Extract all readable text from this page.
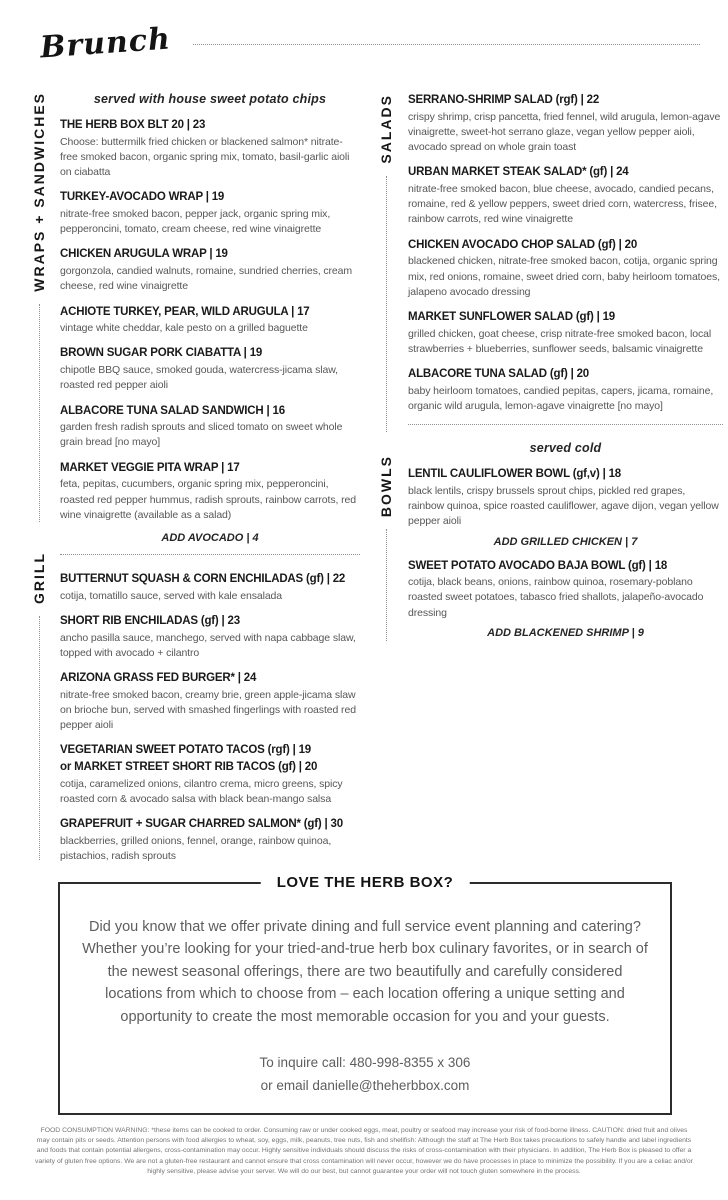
Brunch
WRAPS + SANDWICHES
GRILL
SALADS
BOWLS
served with house sweet potato chips
THE HERB BOX BLT 20 | 23
Choose: buttermilk fried chicken or blackened salmon* nitrate-free smoked bacon, organic spring mix, tomato, basil-garlic aioli on ciabatta
TURKEY-AVOCADO WRAP | 19
nitrate-free smoked bacon, pepper jack, organic spring mix, pepperoncini, tomato, cream cheese, red wine vinaigrette
CHICKEN ARUGULA WRAP | 19
gorgonzola, candied walnuts, romaine, sundried cherries, cream cheese, red wine vinaigrette
ACHIOTE TURKEY, PEAR, WILD ARUGULA | 17
vintage white cheddar, kale pesto on a grilled baguette
BROWN SUGAR PORK CIABATTA | 19
chipotle BBQ sauce, smoked gouda, watercress-jicama slaw, roasted red pepper aioli
ALBACORE TUNA SALAD SANDWICH | 16
garden fresh radish sprouts and sliced tomato on sweet whole grain bread [no mayo]
MARKET VEGGIE PITA WRAP | 17
feta, pepitas, cucumbers, organic spring mix, pepperoncini, roasted red pepper hummus, radish sprouts, rainbow carrots, red wine vinaigrette (available as a salad)
ADD AVOCADO | 4
BUTTERNUT SQUASH & CORN ENCHILADAS (gf) | 22
cotija, tomatillo sauce, served with kale ensalada
SHORT RIB ENCHILADAS (gf) | 23
ancho pasilla sauce, manchego, served with napa cabbage slaw, topped with avocado + cilantro
ARIZONA GRASS FED BURGER* | 24
nitrate-free smoked bacon, creamy brie, green apple-jicama slaw on brioche bun, served with smashed fingerlings with roasted red pepper aioli
VEGETARIAN SWEET POTATO TACOS (rgf) | 19
or MARKET STREET SHORT RIB TACOS (gf) | 20
cotija, caramelized onions, cilantro crema, micro greens, spicy roasted corn & avocado salsa with black bean-mango salsa
GRAPEFRUIT + SUGAR CHARRED SALMON* (gf) | 30
blackberries, grilled onions, fennel, orange, rainbow quinoa, pistachios, radish sprouts
SERRANO-SHRIMP SALAD (rgf) | 22
crispy shrimp, crisp pancetta, fried fennel, wild arugula, lemon-agave vinaigrette, sweet-hot serrano glaze, vegan yellow pepper aioli, avocado spread on whole grain toast
URBAN MARKET STEAK SALAD* (gf) | 24
nitrate-free smoked bacon, blue cheese, avocado, candied pecans, romaine, red & yellow peppers, sweet dried corn, watercress, frisee, rainbow carrots, red wine vinaigrette
CHICKEN AVOCADO CHOP SALAD (gf) | 20
blackened chicken, nitrate-free smoked bacon, cotija, organic spring mix, red onions, romaine, sweet dried corn, baby heirloom tomatoes, jalapeno avocado dressing
MARKET SUNFLOWER SALAD (gf) | 19
grilled chicken, goat cheese, crisp nitrate-free smoked bacon, local strawberries + blueberries, sunflower seeds, balsamic vinaigrette
ALBACORE TUNA SALAD (gf) | 20
baby heirloom tomatoes, candied pepitas, capers, jicama, romaine, organic wild arugula, lemon-agave vinaigrette [no mayo]
served cold
LENTIL CAULIFLOWER BOWL (gf,v) | 18
black lentils, crispy brussels sprout chips, pickled red grapes, rainbow quinoa, spice roasted cauliflower, agave dijon, vegan yellow pepper aioli
ADD GRILLED CHICKEN | 7
SWEET POTATO AVOCADO BAJA BOWL (gf) | 18
cotija, black beans, onions, rainbow quinoa, rosemary-poblano roasted sweet potatoes, tabasco fried shallots, jalapeño-avocado dressing
ADD BLACKENED SHRIMP | 9
LOVE THE HERB BOX?
Did you know that we offer private dining and full service event planning and catering? Whether you’re looking for your tried-and-true herb box culinary favorites, or in search of the newest seasonal offerings, there are two beautifully and carefully considered locations from which to choose from – each location offering a unique setting and opportunity to create the most memorable occasion for you and your guests.
To inquire call: 480-998-8355 x 306
or email danielle@theherbbox.com
FOOD CONSUMPTION WARNING: *these items can be cooked to order. Consuming raw or under cooked eggs, meat, poultry or seafood may increase your risk of food-borne illness. CAUTION: dried fruit and olives may contain pits or seeds. Attention persons with food allergies to wheat, soy, eggs, milk, peanuts, tree nuts, fish and shellfish: Although the staff at The Herb Box takes precautions to safely handle and label ingredients and foods that contain potential allergens, cross-contamination may occur. Highly sensitive individuals should discuss the risks of cross-contamination with their physicians. In addition, The Herb Box is pleased to offer a variety of gluten free options. We are not a gluten-free restaurant and cannot ensure that cross contamination will never occur, however we do have processes in place to minimize the possibility. If you are a celiac and/or highly sensitive, please advise your server. We will do our best, but cannot guarantee your order will not touch gluten somewhere in the process.
